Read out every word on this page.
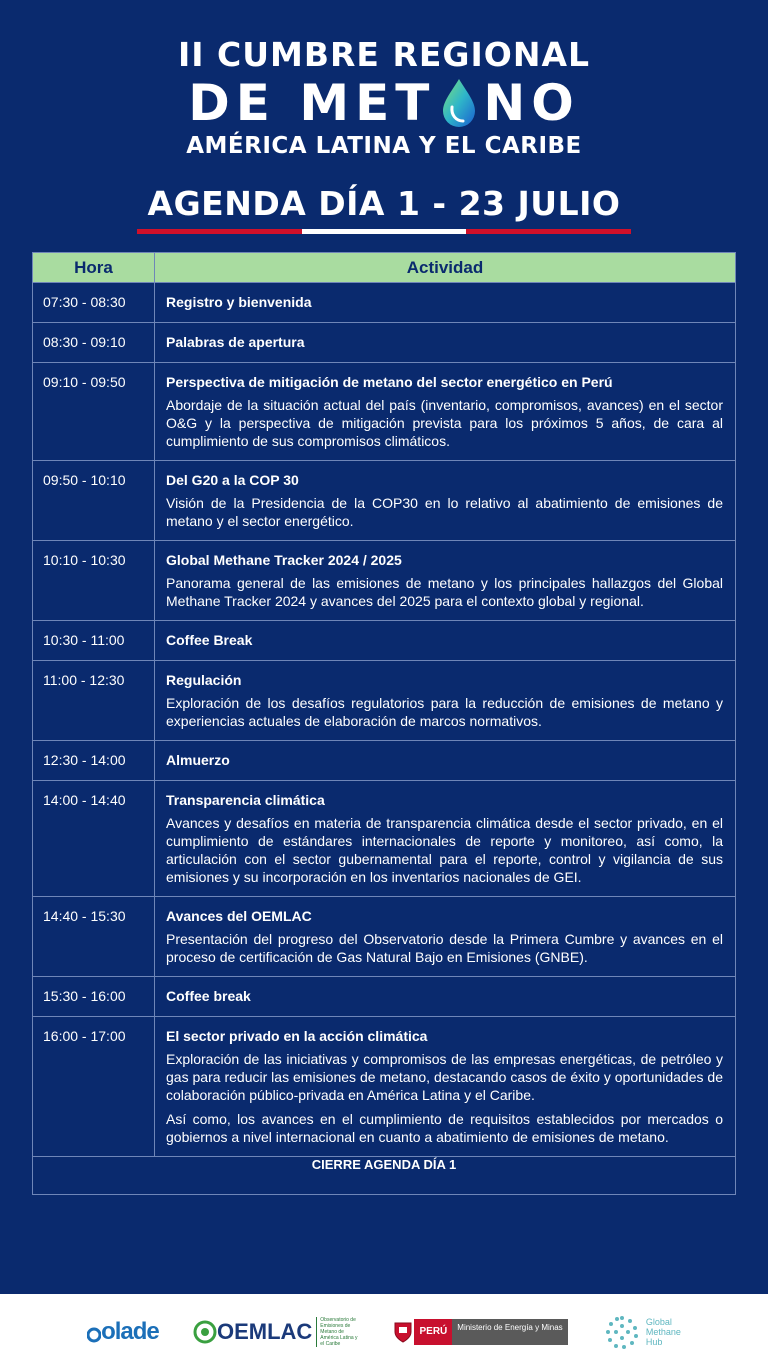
II CUMBRE REGIONAL
DE MET NO
AMÉRICA LATINA Y EL CARIBE
AGENDA DÍA 1 - 23 JULIO
Hora	Actividad
07:30 - 08:30	Registro y bienvenida

08:30 - 09:10	Palabras de apertura

09:10 - 09:50	Perspectiva de mitigación de metano del sector energético en Perú
Abordaje de la situación actual del país (inventario, compromisos, avances) en el sector O&G y la perspectiva de mitigación prevista para los próximos 5 años, de cara al cumplimiento de sus compromisos climáticos.

09:50 - 10:10	Del G20 a la COP 30
Visión de la Presidencia de la COP30 en lo relativo al abatimiento de emisiones de metano y el sector energético.

10:10 - 10:30	Global Methane Tracker 2024 / 2025
Panorama general de las emisiones de metano y los principales hallazgos del Global Methane Tracker 2024 y avances del 2025 para el contexto global y regional.

10:30 - 11:00	Coffee Break

11:00 - 12:30	Regulación
Exploración de los desafíos regulatorios para la reducción de emisiones de metano y experiencias actuales de elaboración de marcos normativos.

12:30 - 14:00	Almuerzo

14:00 - 14:40	Transparencia climática
Avances y desafíos en materia de transparencia climática desde el sector privado, en el cumplimiento de estándares internacionales de reporte y monitoreo, así como, la articulación con el sector gubernamental para el reporte, control y vigilancia de sus emisiones y su incorporación en los inventarios nacionales de GEI.

14:40 - 15:30	Avances del OEMLAC
Presentación del progreso del Observatorio desde la Primera Cumbre y avances en el proceso de certificación de Gas Natural Bajo en Emisiones (GNBE).

15:30 - 16:00	Coffee break

16:00 - 17:00	El sector privado en la acción climática
Exploración de las iniciativas y compromisos de las empresas energéticas, de petróleo y gas para reducir las emisiones de metano, destacando casos de éxito y oportunidades de colaboración público-privada en América Latina y el Caribe.
Así como, los avances en el cumplimiento de requisitos establecidos por mercados o gobiernos a nivel internacional en cuanto a abatimiento de emisiones de metano.

CIERRE AGENDA DÍA 1	
olade	OEMLAC	Observatorio de Emisiones de Metano de América Latina y el Caribe
PERÚ	Ministerio de Energía y Minas
Global
Methane
Hub
